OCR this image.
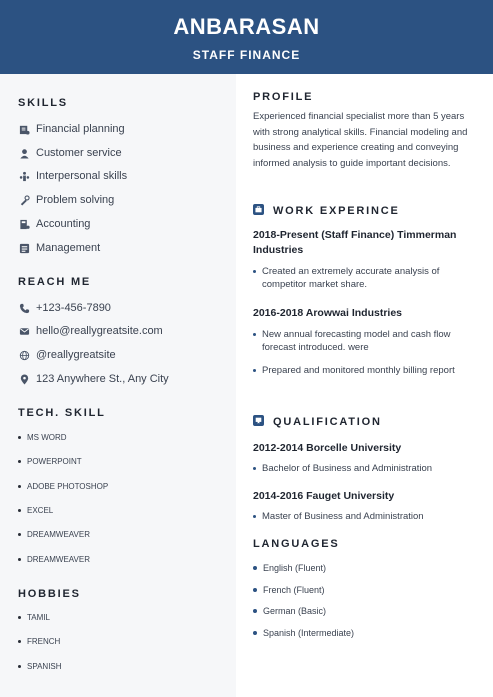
ANBARASAN
STAFF FINANCE
SKILLS
Financial planning
Customer service
Interpersonal skills
Problem solving
Accounting
Management
REACH ME
+123-456-7890
hello@reallygreatsite.com
@reallygreatsite
123 Anywhere St., Any City
TECH. SKILL
MS WORD
POWERPOINT
ADOBE PHOTOSHOP
EXCEL
DREAMWEAVER
DREAMWEAVER
HOBBIES
TAMIL
FRENCH
SPANISH
PROFILE
Experienced financial specialist more than 5 years with strong analytical skills. Financial modeling and business and experience creating and conveying informed analysis to guide important decisions.
WORK EXPERINCE
2018-Present (Staff Finance) Timmerman Industries
Created an extremely accurate analysis of competitor market share.
2016-2018 Arowwai Industries
New annual forecasting model and cash flow forecast introduced. were
Prepared and monitored monthly billing report
QUALIFICATION
2012-2014 Borcelle University
Bachelor of Business and Administration
2014-2016 Fauget University
Master of Business and Administration
LANGUAGES
English (Fluent)
French (Fluent)
German (Basic)
Spanish (Intermediate)
